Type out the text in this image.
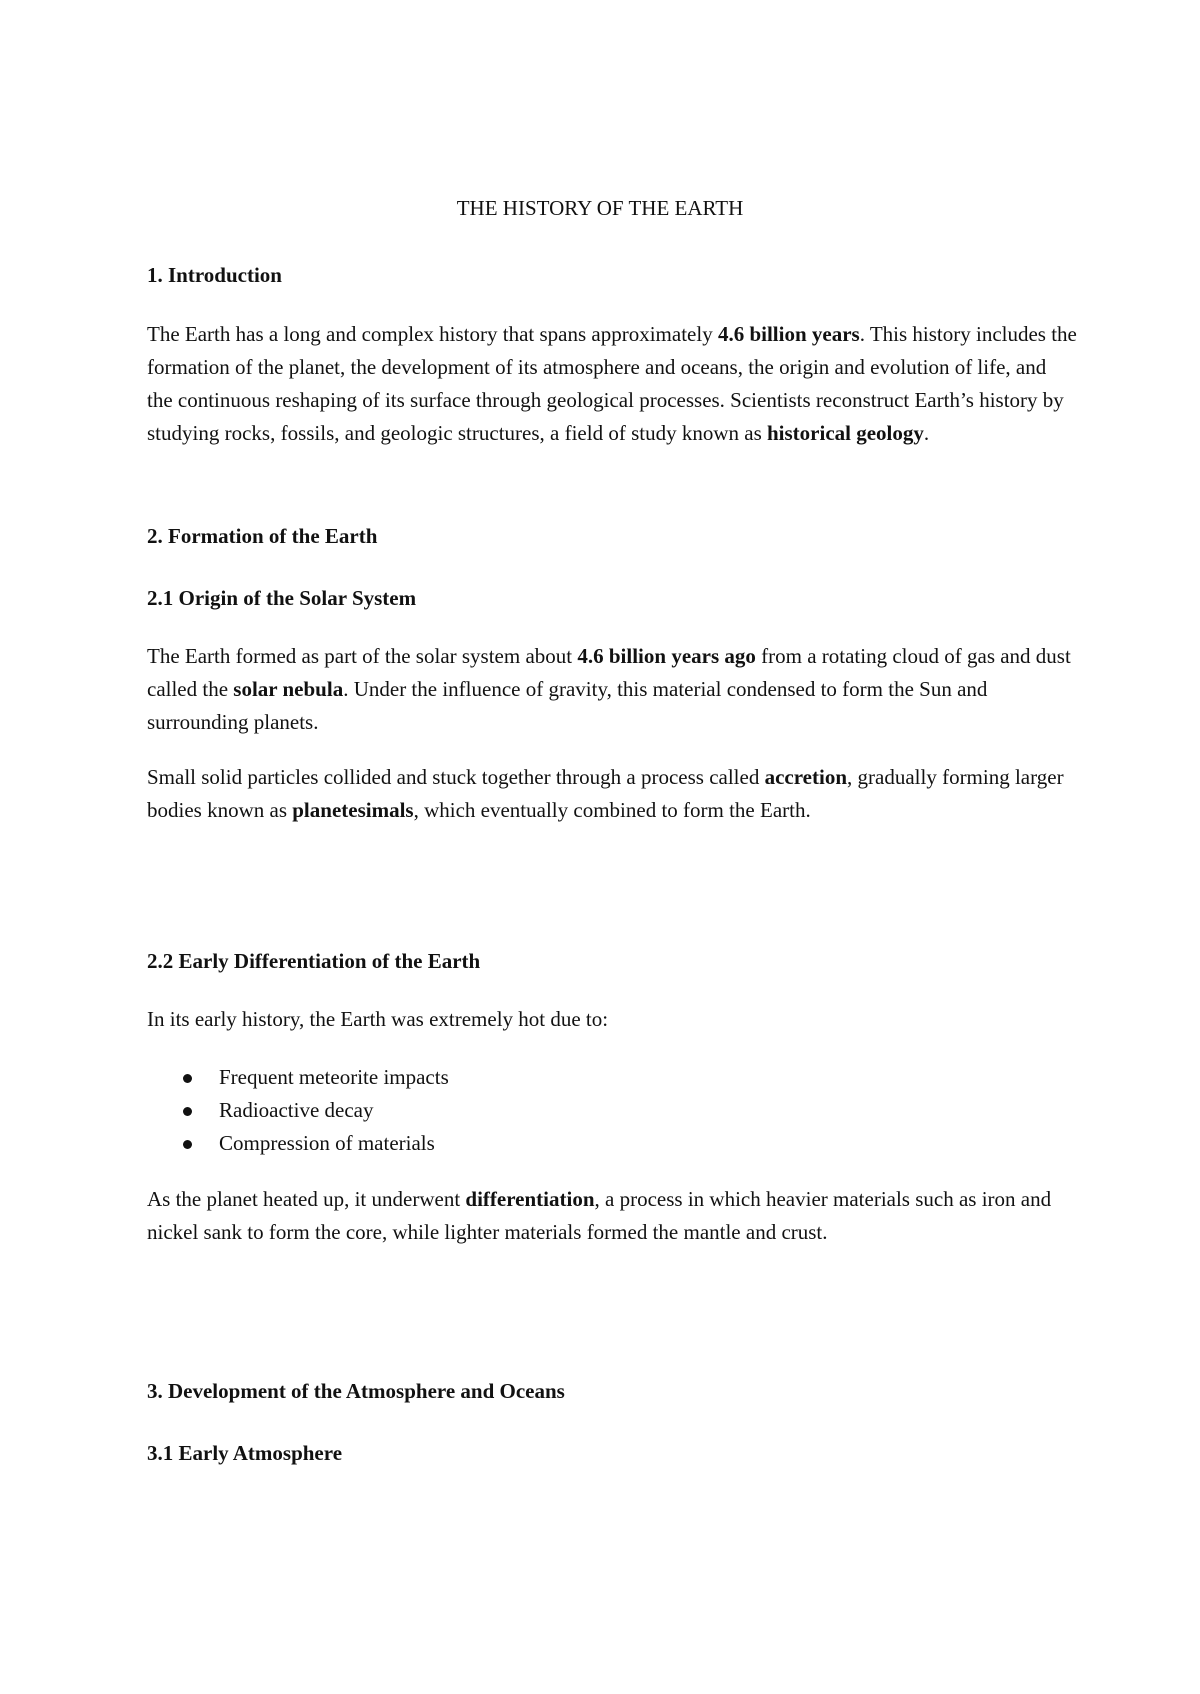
THE HISTORY OF THE EARTH
1. Introduction

The Earth has a long and complex history that spans approximately 4.6 billion years. This history includes the formation of the planet, the development of its atmosphere and oceans, the origin and evolution of life, and the continuous reshaping of its surface through geological processes. Scientists reconstruct Earth’s history by studying rocks, fossils, and geologic structures, a field of study known as historical geology.

2. Formation of the Earth
2.1 Origin of the Solar System

The Earth formed as part of the solar system about 4.6 billion years ago from a rotating cloud of gas and dust called the solar nebula. Under the influence of gravity, this material condensed to form the Sun and surrounding planets.

Small solid particles collided and stuck together through a process called accretion, gradually forming larger bodies known as planetesimals, which eventually combined to form the Earth.

2.2 Early Differentiation of the Earth

In its early history, the Earth was extremely hot due to:

Frequent meteorite impacts
Radioactive decay
Compression of materials

As the planet heated up, it underwent differentiation, a process in which heavier materials such as iron and nickel sank to form the core, while lighter materials formed the mantle and crust.

3. Development of the Atmosphere and Oceans
3.1 Early Atmosphere
